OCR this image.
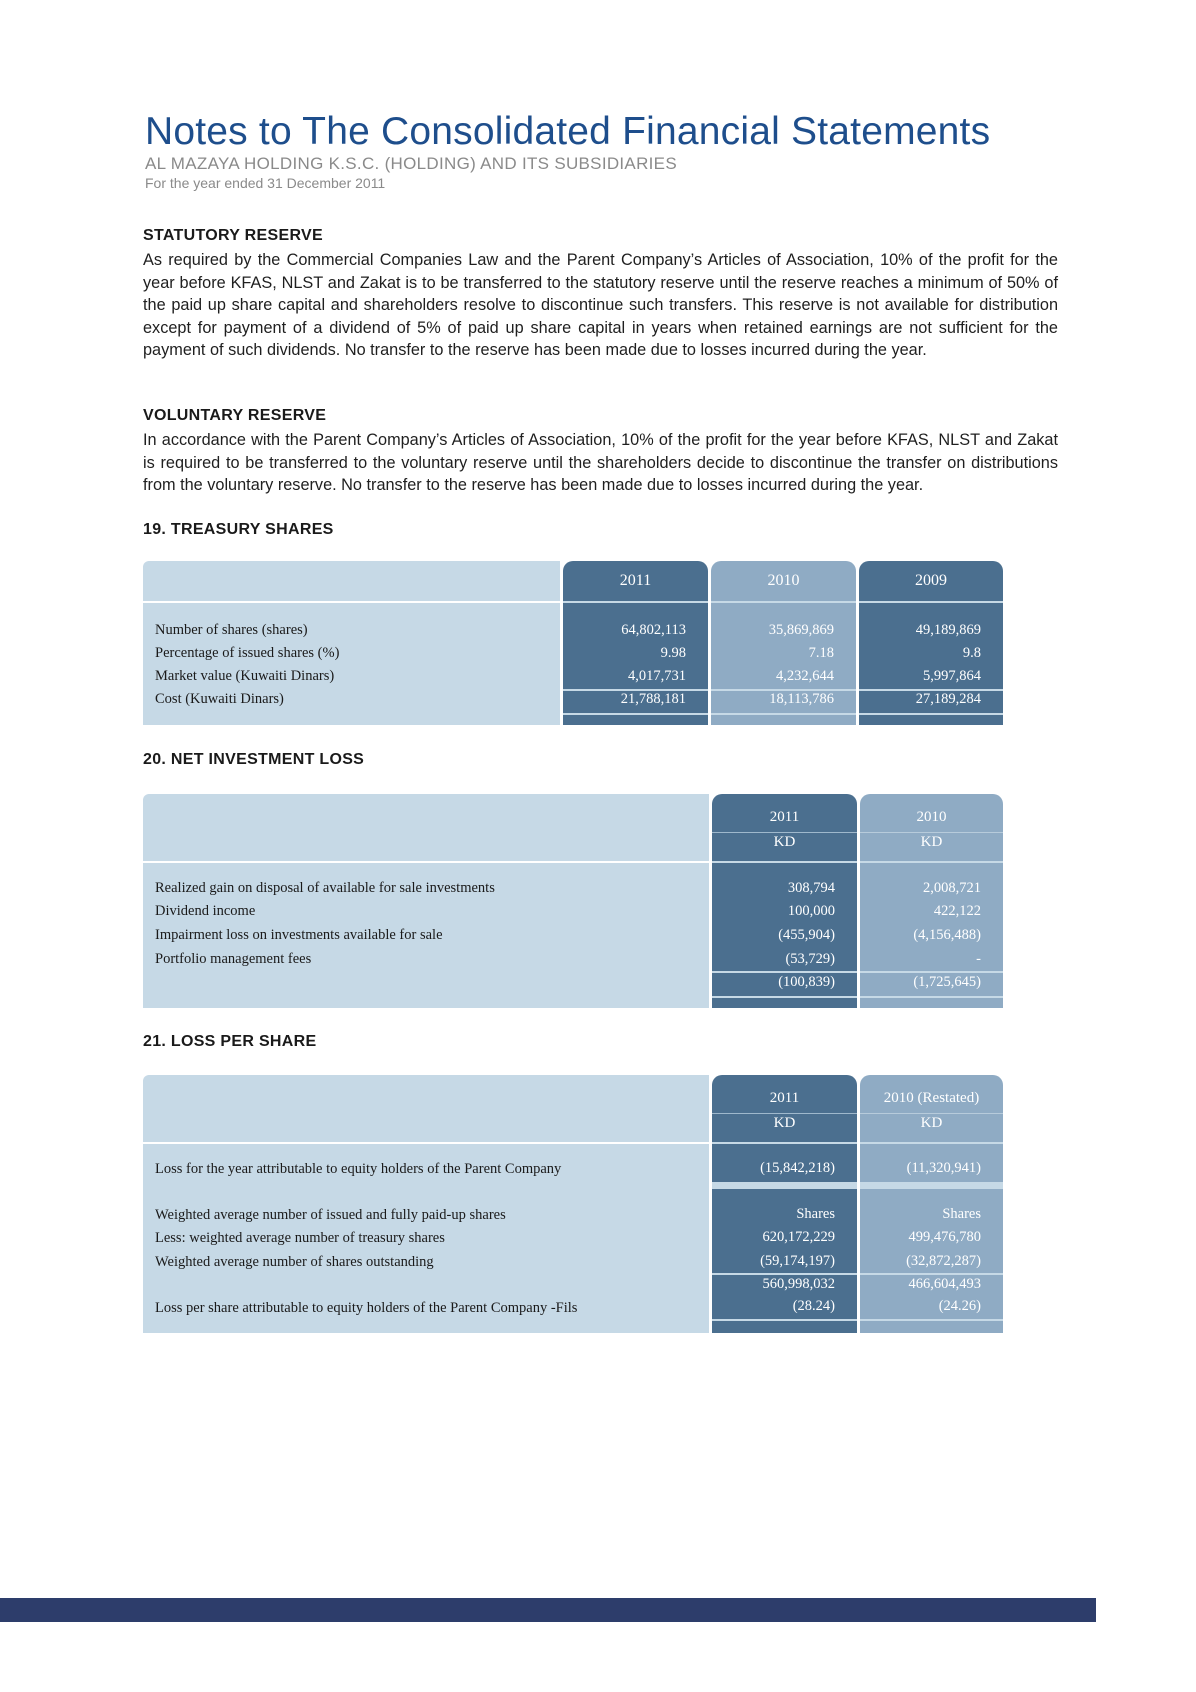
Notes to The Consolidated Financial Statements
AL MAZAYA HOLDING K.S.C. (HOLDING) AND ITS SUBSIDIARIES
For the year ended 31 December 2011
STATUTORY RESERVE

As required by the Commercial Companies Law and the Parent Company’s Articles of Association, 10% of the profit for the year before KFAS, NLST and Zakat is to be transferred to the statutory reserve until the reserve reaches a minimum of 50% of the paid up share capital and shareholders resolve to discontinue such transfers. This reserve is not available for distribution except for payment of a dividend of 5% of paid up share capital in years when retained earnings are not sufficient for the payment of such dividends. No transfer to the reserve has been made due to losses incurred during the year.

VOLUNTARY RESERVE

In accordance with the Parent Company’s Articles of Association, 10% of the profit for the year before KFAS, NLST and Zakat is required to be transferred to the voluntary reserve until the shareholders decide to discontinue the transfer on distributions from the voluntary reserve. No transfer to the reserve has been made due to losses incurred during the year.

19. TREASURY SHARES
Number of shares (shares)
Percentage of issued shares (%)
Market value (Kuwaiti Dinars)
Cost (Kuwaiti Dinars)
2011
64,802,113
9.98
4,017,731
21,788,181
2010
35,869,869
7.18
4,232,644
18,113,786
2009
49,189,869
9.8
5,997,864
27,189,284
20. NET INVESTMENT LOSS
Realized gain on disposal of available for sale investments
Dividend income
Impairment loss on investments available for sale
Portfolio management fees
2011
KD
308,794
100,000
(455,904)
(53,729)
(100,839)
2010
KD
2,008,721
422,122
(4,156,488)
-
(1,725,645)
21. LOSS PER SHARE
Loss for the year attributable to equity holders of the Parent Company
Weighted average number of issued and fully paid-up shares
Less: weighted average number of treasury shares
Weighted average number of shares outstanding
Loss per share attributable to equity holders of the Parent Company -Fils
2011
KD
(15,842,218)
Shares
620,172,229
(59,174,197)
560,998,032
(28.24)
2010 (Restated)
KD
(11,320,941)
Shares
499,476,780
(32,872,287)
466,604,493
(24.26)
